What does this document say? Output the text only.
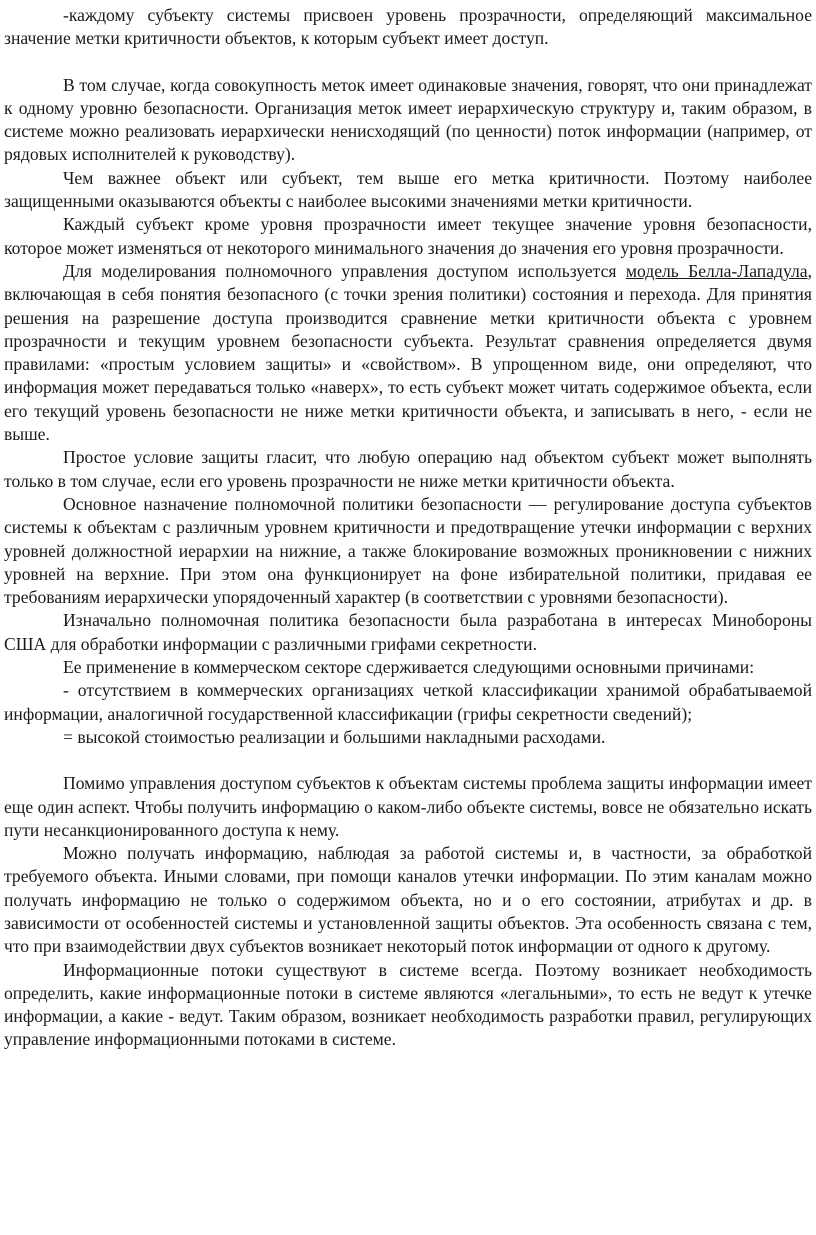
-каждому субъекту системы присвоен уровень прозрачности, определяющий максимальное значение метки критичности объектов, к которым субъект имеет доступ.

В том случае, когда совокупность меток имеет одинаковые значения, говорят, что они принадлежат к одному уровню безопасности. Организация меток имеет иерархическую структуру и, таким образом, в системе можно реализовать иерархически ненисходящий (по ценности) поток информации (например, от рядовых исполнителей к руководству).

Чем важнее объект или субъект, тем выше его метка критичности. Поэтому наиболее защищенными оказываются объекты с наиболее высокими значениями метки критичности.

Каждый субъект кроме уровня прозрачности имеет текущее значение уровня безопасности, которое может изменяться от некоторого минимального значения до значения его уровня прозрачности.

Для моделирования полномочного управления доступом используется модель Белла-Лападула, включающая в себя понятия безопасного (с точки зрения политики) состояния и перехода. Для принятия решения на разрешение доступа производится сравнение метки критичности объекта с уровнем прозрачности и текущим уровнем безопасности субъекта. Результат сравнения определяется двумя правилами: «простым условием защиты» и «свойством». В упрощенном виде, они определяют, что информация может передаваться только «наверх», то есть субъект может читать содержимое объекта, если его текущий уровень безопасности не ниже метки критичности объекта, и записывать в него, - если не выше.

Простое условие защиты гласит, что любую операцию над объектом субъект может выполнять только в том случае, если его уровень прозрачности не ниже метки критичности объекта.

Основное назначение полномочной политики безопасности — регулирование доступа субъектов системы к объектам с различным уровнем критичности и предотвращение утечки информации с верхних уровней должностной иерархии на нижние, а также блокирование возможных проникновении с нижних уровней на верхние. При этом она функционирует на фоне избирательной политики, придавая ее требованиям иерархически упорядоченный характер (в соответствии с уровнями безопасности).

Изначально полномочная политика безопасности была разработана в интересах Минобороны США для обработки информации с различными грифами секретности.

Ее применение в коммерческом секторе сдерживается следующими основными причинами:

- отсутствием в коммерческих организациях четкой классификации хранимой обрабатываемой информации, аналогичной государственной классификации (грифы секретности сведений);

= высокой стоимостью реализации и большими накладными расходами.

Помимо управления доступом субъектов к объектам системы проблема защиты информации имеет еще один аспект. Чтобы получить информацию о каком-либо объекте системы, вовсе не обязательно искать пути несанкционированного доступа к нему.

Можно получать информацию, наблюдая за работой системы и, в частности, за обработкой требуемого объекта. Иными словами, при помощи каналов утечки информации. По этим каналам можно получать информацию не только о содержимом объекта, но и о его состоянии, атрибутах и др. в зависимости от особенностей системы и установленной защиты объектов. Эта особенность связана с тем, что при взаимодействии двух субъектов возникает некоторый поток информации от одного к другому.

Информационные потоки существуют в системе всегда. Поэтому возникает необходимость определить, какие информационные потоки в системе являются «легальными», то есть не ведут к утечке информации, а какие - ведут. Таким образом, возникает необходимость разработки правил, регулирующих управление информационными потоками в системе.
